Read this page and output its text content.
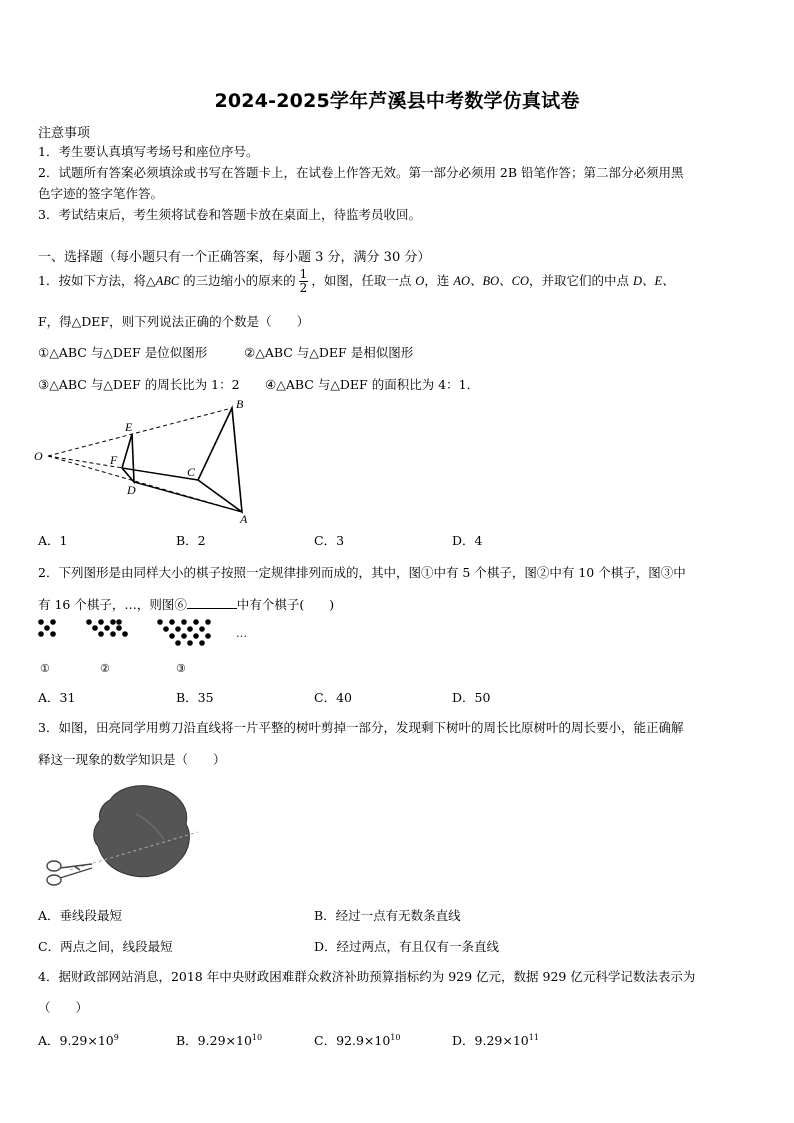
2024-2025学年芦溪县中考数学仿真试卷
注意事项
1．考生要认真填写考场号和座位序号。
2．试题所有答案必须填涂或书写在答题卡上，在试卷上作答无效。第一部分必须用 2B 铅笔作答；第二部分必须用黑
色字迹的签字笔作答。
3．考试结束后，考生须将试卷和答题卡放在桌面上，待监考员收回。
一、选择题（每小题只有一个正确答案，每小题 3 分，满分 30 分）
1．按如下方法，将△ABC 的三边缩小的原来的 $\frac{1}{2}$ ，如图，任取一点 O，连 AO、BO、CO，并取它们的中点 D、E、
F，得△DEF，则下列说法正确的个数是（　　）
①△ABC 与△DEF 是位似图形	②△ABC 与△DEF 是相似图形
③△ABC 与△DEF 的周长比为 1：2 ④△ABC 与△DEF 的面积比为 4：1．
O
B
A
C
E
F
D
A．1	B．2	C．3	D．4
2．下列图形是由同样大小的棋子按照一定规律排列而成的，其中，图①中有 5 个棋子，图②中有 10 个棋子，图③中
有 16 个棋子，…，则图⑥	中有个棋子(　　)
…
①	②	③
A．31	B．35	C．40	D．50
3．如图，田亮同学用剪刀沿直线将一片平整的树叶剪掉一部分，发现剩下树叶的周长比原树叶的周长要小，能正确解
释这一现象的数学知识是（　　）
A．垂线段最短	B．经过一点有无数条直线
C．两点之间，线段最短	D．经过两点，有且仅有一条直线
4．据财政部网站消息，2018 年中央财政困难群众救济补助预算指标约为 929 亿元，数据 929 亿元科学记数法表示为
（　　）
A．$9.29\times 10^9$	B．$9.29\times 10^{10}$	C．$92.9\times 10^{10}$	D．$9.29\times 10^{11}$
